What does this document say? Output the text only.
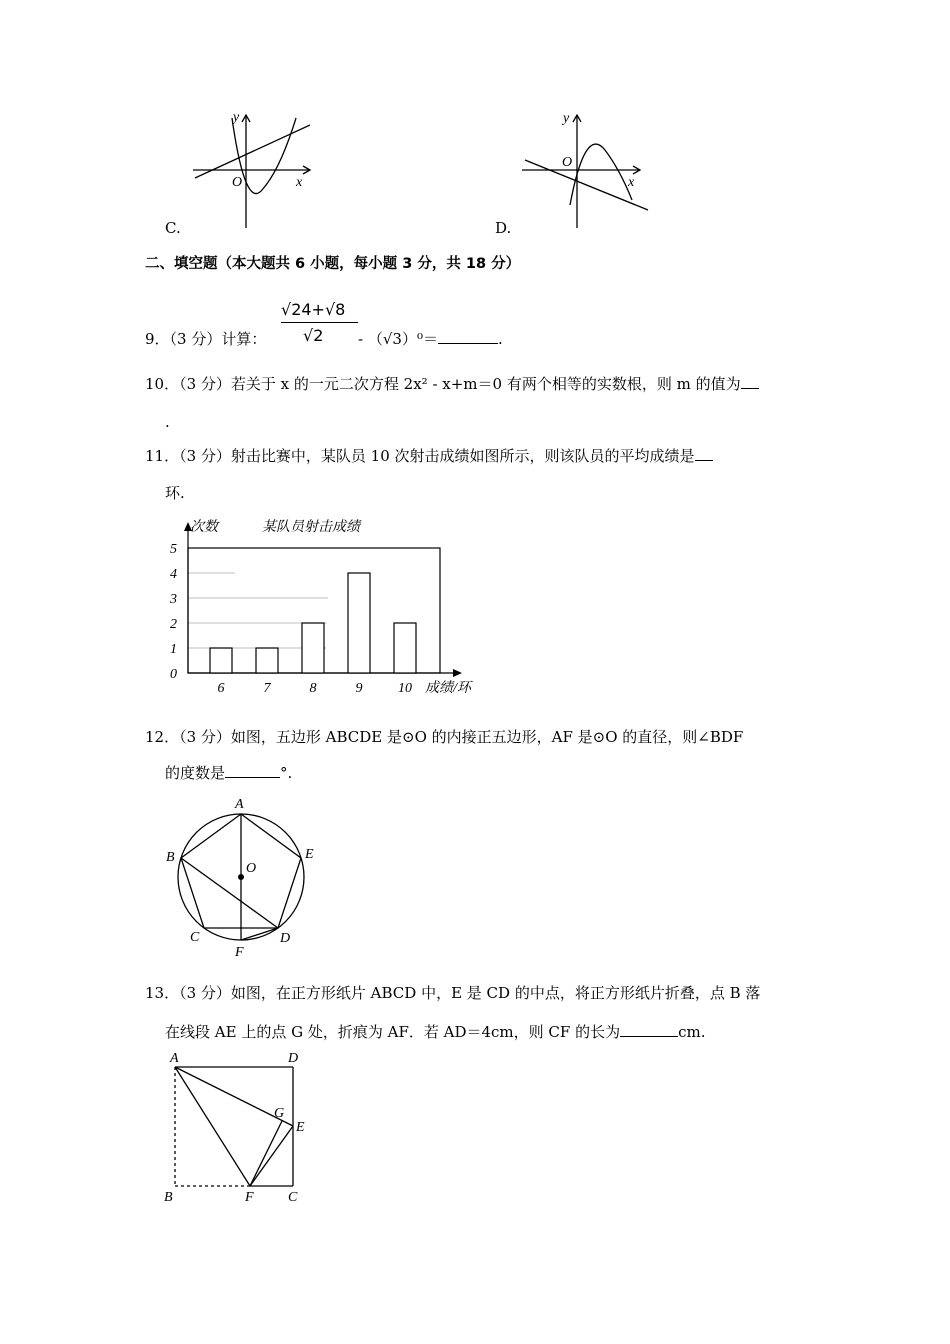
y
x
O
y
x
O
C.	D.
二、填空题（本大题共 6 小题，每小题 3 分，共 18 分）
9．（3 分）计算：
√24+√8
√2 - （√3）⁰＝	.
10．（3 分）若关于 x 的一元二次方程 2x² - x+m＝0 有两个相等的实数根，则 m 的值为
.
11．（3 分）射击比赛中，某队员 10 次射击成绩如图所示，则该队员的平均成绩是
环.
0
1
2
3
4
5
6	7	8	9	10
次数	某队员射击成绩
成绩/环
12．（3 分）如图，五边形 ABCDE 是⊙O 的内接正五边形，AF 是⊙O 的直径，则∠BDF
的度数是	°.
A
B	E
C	D
F
O
13．（3 分）如图，在正方形纸片 ABCD 中，E 是 CD 的中点，将正方形纸片折叠，点 B 落
在线段 AE 上的点 G 处，折痕为 AF．若 AD＝4cm，则 CF 的长为	cm.
A	D
G
E
B	F C
